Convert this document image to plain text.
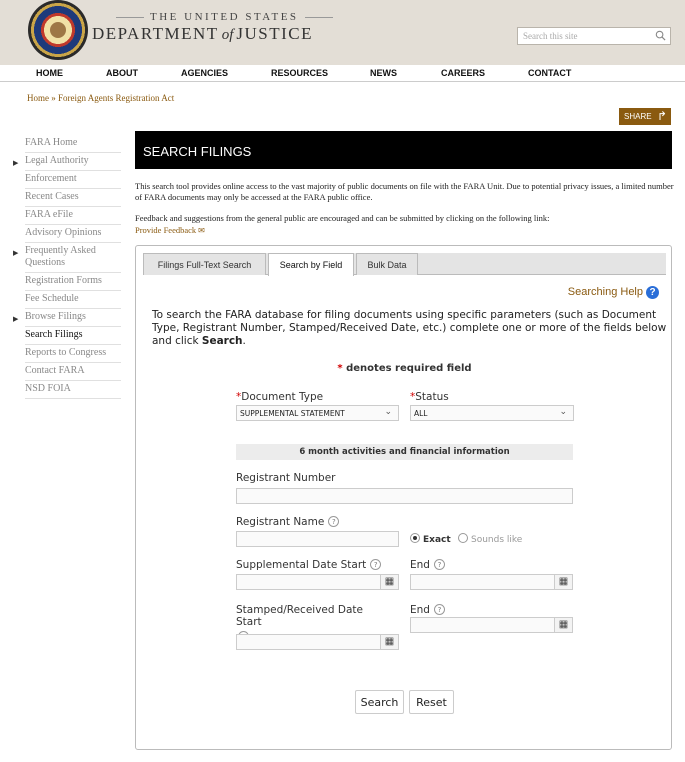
THE UNITED STATES
DEPARTMENT of JUSTICE	Search this site
HOME	ABOUT	AGENCIES	RESOURCES	NEWS	CAREERS	CONTACT
Home » Foreign Agents Registration Act
SHARE ↱
FARA Home
▶ Legal Authority
Enforcement
Recent Cases
FARA eFile
Advisory Opinions
▶ Frequently Asked Questions
Registration Forms
Fee Schedule
▶ Browse Filings
Search Filings
Reports to Congress
Contact FARA
NSD FOIA
SEARCH FILINGS

This search tool provides online access to the vast majority of public documents on file with the FARA Unit. Due to potential privacy issues, a limited number of FARA documents may only be accessed at the FARA public office.

Feedback and suggestions from the general public are encouraged and can be submitted by clicking on the following link:

Provide Feedback ✉
Filings Full-Text Search	Search by Field	Bulk Data
Searching Help ?

To search the FARA database for filing documents using specific parameters (such as Document Type, Registrant Number, Stamped/Received Date, etc.) complete one or more of the fields below and click Search.

* denotes required field
*Document Type
SUPPLEMENTAL STATEMENT	⌄
*Status
ALL	⌄
6 month activities and financial information
Registrant Number
Registrant Name ?
Exact	Sounds like
Supplemental Date Start ?
▦
End ?
▦
Stamped/Received Date Start

▦
End ?
▦
Search	Reset
